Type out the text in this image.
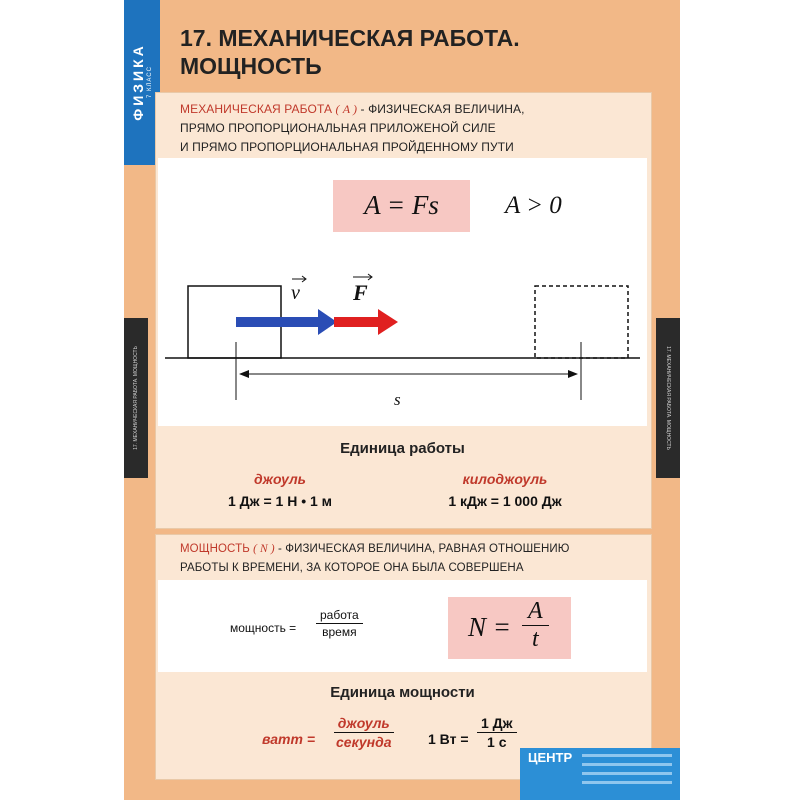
ФИЗИКА 7 КЛАСС
17. МЕХАНИЧЕСКАЯ РАБОТА. МОЩНОСТЬ	17. МЕХАНИЧЕСКАЯ РАБОТА. МОЩНОСТЬ
17. МЕХАНИЧЕСКАЯ РАБОТА.
МОЩНОСТЬ
МЕХАНИЧЕСКАЯ РАБОТА ( A ) - ФИЗИЧЕСКАЯ ВЕЛИЧИНА,
ПРЯМО ПРОПОРЦИОНАЛЬНАЯ ПРИЛОЖЕНОЙ СИЛЕ
И ПРЯМО ПРОПОРЦИОНАЛЬНАЯ ПРОЙДЕННОМУ ПУТИ
A = Fs	A > 0
v F
s
Единица работы
джоуль
1 Дж = 1 Н • 1 м
килоджоуль
1 кДж = 1 000 Дж
МОЩНОСТЬ ( N ) - ФИЗИЧЕСКАЯ ВЕЛИЧИНА, РАВНАЯ ОТНОШЕНИЮ
РАБОТЫ К ВРЕМЕНИ, ЗА КОТОРОЕ ОНА БЫЛА СОВЕРШЕНА
мощность =
работа
время	$N = \frac{A}{t}$
Единица мощности
ватт =
джоуль
секунда	1 Вт =
1 Дж
1 с
ЦЕНТР
